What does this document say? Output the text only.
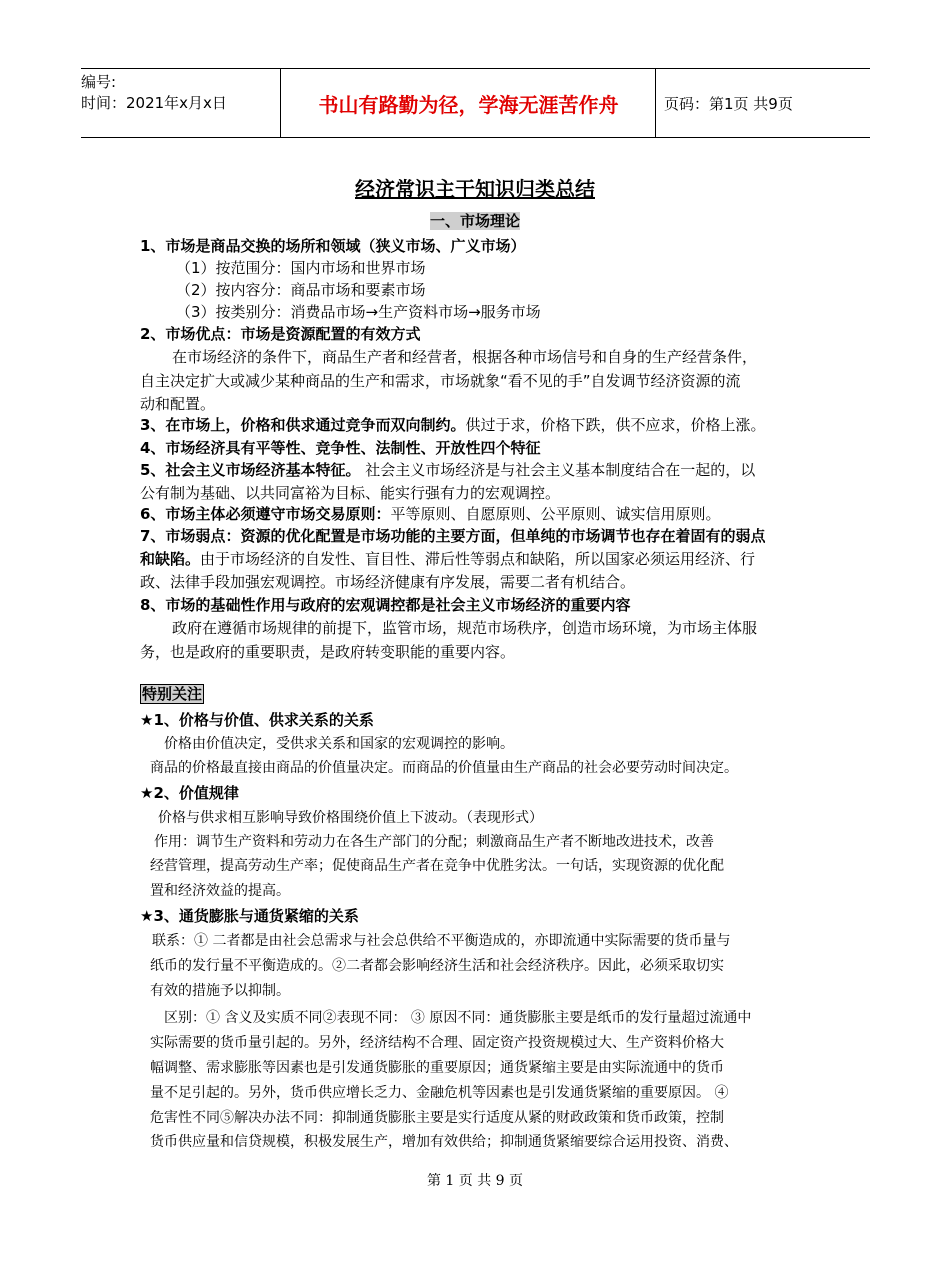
编号:
时间：2021年x月x日	书山有路勤为径，学海无涯苦作舟	页码：第1页 共9页
经济常识主干知识归类总结
一、市场理论
1、市场是商品交换的场所和领域（狭义市场、广义市场）
（1）按范围分：国内市场和世界市场
（2）按内容分：商品市场和要素市场
（3）按类别分：消费品市场→生产资料市场→服务市场
2、市场优点：市场是资源配置的有效方式
在市场经济的条件下，商品生产者和经营者，根据各种市场信号和自身的生产经营条件，
自主决定扩大或减少某种商品的生产和需求，市场就象“看不见的手”自发调节经济资源的流
动和配置。
3、在市场上，价格和供求通过竞争而双向制约。供过于求，价格下跌，供不应求，价格上涨。
4、市场经济具有平等性、竞争性、法制性、开放性四个特征
5、社会主义市场经济基本特征。 社会主义市场经济是与社会主义基本制度结合在一起的，以
公有制为基础、以共同富裕为目标、能实行强有力的宏观调控。
6、市场主体必须遵守市场交易原则：平等原则、自愿原则、公平原则、诚实信用原则。
7、市场弱点：资源的优化配置是市场功能的主要方面，但单纯的市场调节也存在着固有的弱点
和缺陷。由于市场经济的自发性、盲目性、滞后性等弱点和缺陷，所以国家必须运用经济、行
政、法律手段加强宏观调控。市场经济健康有序发展，需要二者有机结合。
8、市场的基础性作用与政府的宏观调控都是社会主义市场经济的重要内容
政府在遵循市场规律的前提下，监管市场，规范市场秩序，创造市场环境，为市场主体服
务，也是政府的重要职责，是政府转变职能的重要内容。
特别关注
★1、价格与价值、供求关系的关系
价格由价值决定，受供求关系和国家的宏观调控的影响。
商品的价格最直接由商品的价值量决定。而商品的价值量由生产商品的社会必要劳动时间决定。
★2、价值规律
价格与供求相互影响导致价格围绕价值上下波动。（表现形式）
作用：调节生产资料和劳动力在各生产部门的分配；刺激商品生产者不断地改进技术，改善
经营管理，提高劳动生产率；促使商品生产者在竞争中优胜劣汰。一句话，实现资源的优化配
置和经济效益的提高。
★3、通货膨胀与通货紧缩的关系
联系：① 二者都是由社会总需求与社会总供给不平衡造成的，亦即流通中实际需要的货币量与
纸币的发行量不平衡造成的。②二者都会影响经济生活和社会经济秩序。因此，必须采取切实
有效的措施予以抑制。
区别：① 含义及实质不同②表现不同： ③ 原因不同：通货膨胀主要是纸币的发行量超过流通中
实际需要的货币量引起的。另外，经济结构不合理、固定资产投资规模过大、生产资料价格大
幅调整、需求膨胀等因素也是引发通货膨胀的重要原因；通货紧缩主要是由实际流通中的货币
量不足引起的。另外，货币供应增长乏力、金融危机等因素也是引发通货紧缩的重要原因。 ④
危害性不同⑤解决办法不同：抑制通货膨胀主要是实行适度从紧的财政政策和货币政策，控制
货币供应量和信贷规模，积极发展生产，增加有效供给；抑制通货紧缩要综合运用投资、消费、
第 1 页 共 9 页
